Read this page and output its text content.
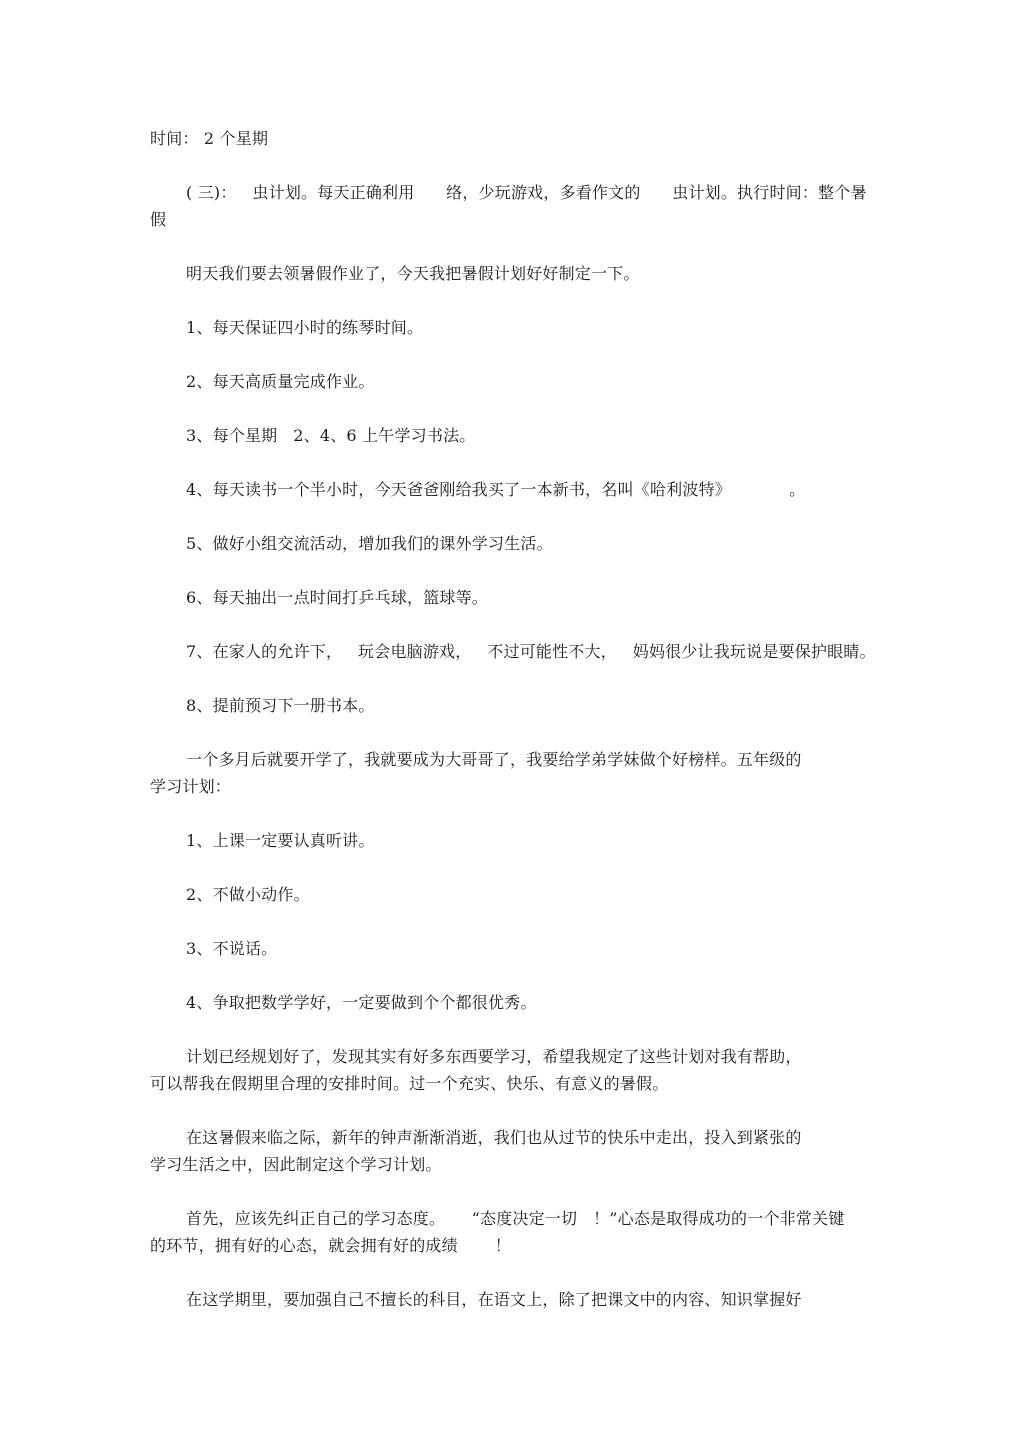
时间： 2 个星期
( 三)：   虫计划。每天正确利用      络，少玩游戏，多看作文的      虫计划。执行时间：整个暑
假
明天我们要去领暑假作业了，今天我把暑假计划好好制定一下。
1、每天保证四小时的练琴时间。
2、每天高质量完成作业。
3、每个星期   2、4、6 上午学习书法。
4、每天读书一个半小时，今天爸爸刚给我买了一本新书，名叫《哈利波特》           。
5、做好小组交流活动，增加我们的课外学习生活。
6、每天抽出一点时间打乒乓球，篮球等。
7、在家人的允许下，   玩会电脑游戏，   不过可能性不大，   妈妈很少让我玩说是要保护眼睛。
8、提前预习下一册书本。
一个多月后就要开学了，我就要成为大哥哥了，我要给学弟学妹做个好榜样。五年级的
学习计划：
1、上课一定要认真听讲。
2、不做小动作。
3、不说话。
4、争取把数学学好，一定要做到个个都很优秀。
计划已经规划好了，发现其实有好多东西要学习，希望我规定了这些计划对我有帮助，
可以帮我在假期里合理的安排时间。过一个充实、快乐、有意义的暑假。
在这暑假来临之际，新年的钟声渐渐消逝，我们也从过节的快乐中走出，投入到紧张的
学习生活之中，因此制定这个学习计划。
首先，应该先纠正自己的学习态度。     “态度决定一切   ！”心态是取得成功的一个非常关键
的环节，拥有好的心态，就会拥有好的成绩       ！
在这学期里，要加强自己不擅长的科目，在语文上，除了把课文中的内容、知识掌握好
